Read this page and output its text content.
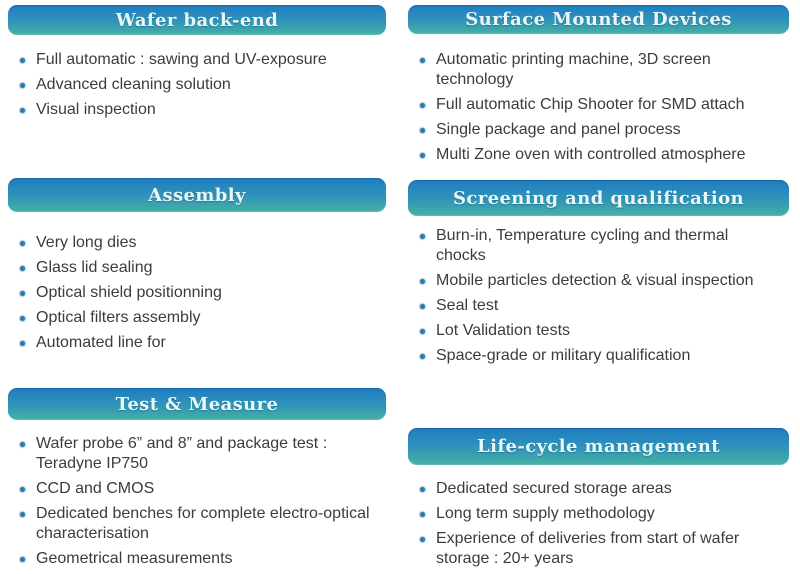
Wafer back-end
Full automatic : sawing and UV-exposure
Advanced cleaning solution
Visual inspection
Assembly
Very long dies
Glass lid sealing
Optical shield positionning
Optical filters assembly
Automated line for
Test & Measure
Wafer probe 6” and 8” and package test : Teradyne IP750
CCD and CMOS
Dedicated benches for complete electro-optical characterisation
Geometrical measurements
Surface Mounted Devices
Automatic printing machine, 3D screen technology
Full automatic Chip Shooter for SMD attach
Single package and panel process
Multi Zone oven with controlled atmosphere
Screening and qualification
Burn-in, Temperature cycling and thermal chocks
Mobile particles detection & visual inspection
Seal test
Lot Validation tests
Space-grade or military qualification
Life-cycle management
Dedicated secured storage areas
Long term supply methodology
Experience of deliveries from start of wafer storage : 20+ years
